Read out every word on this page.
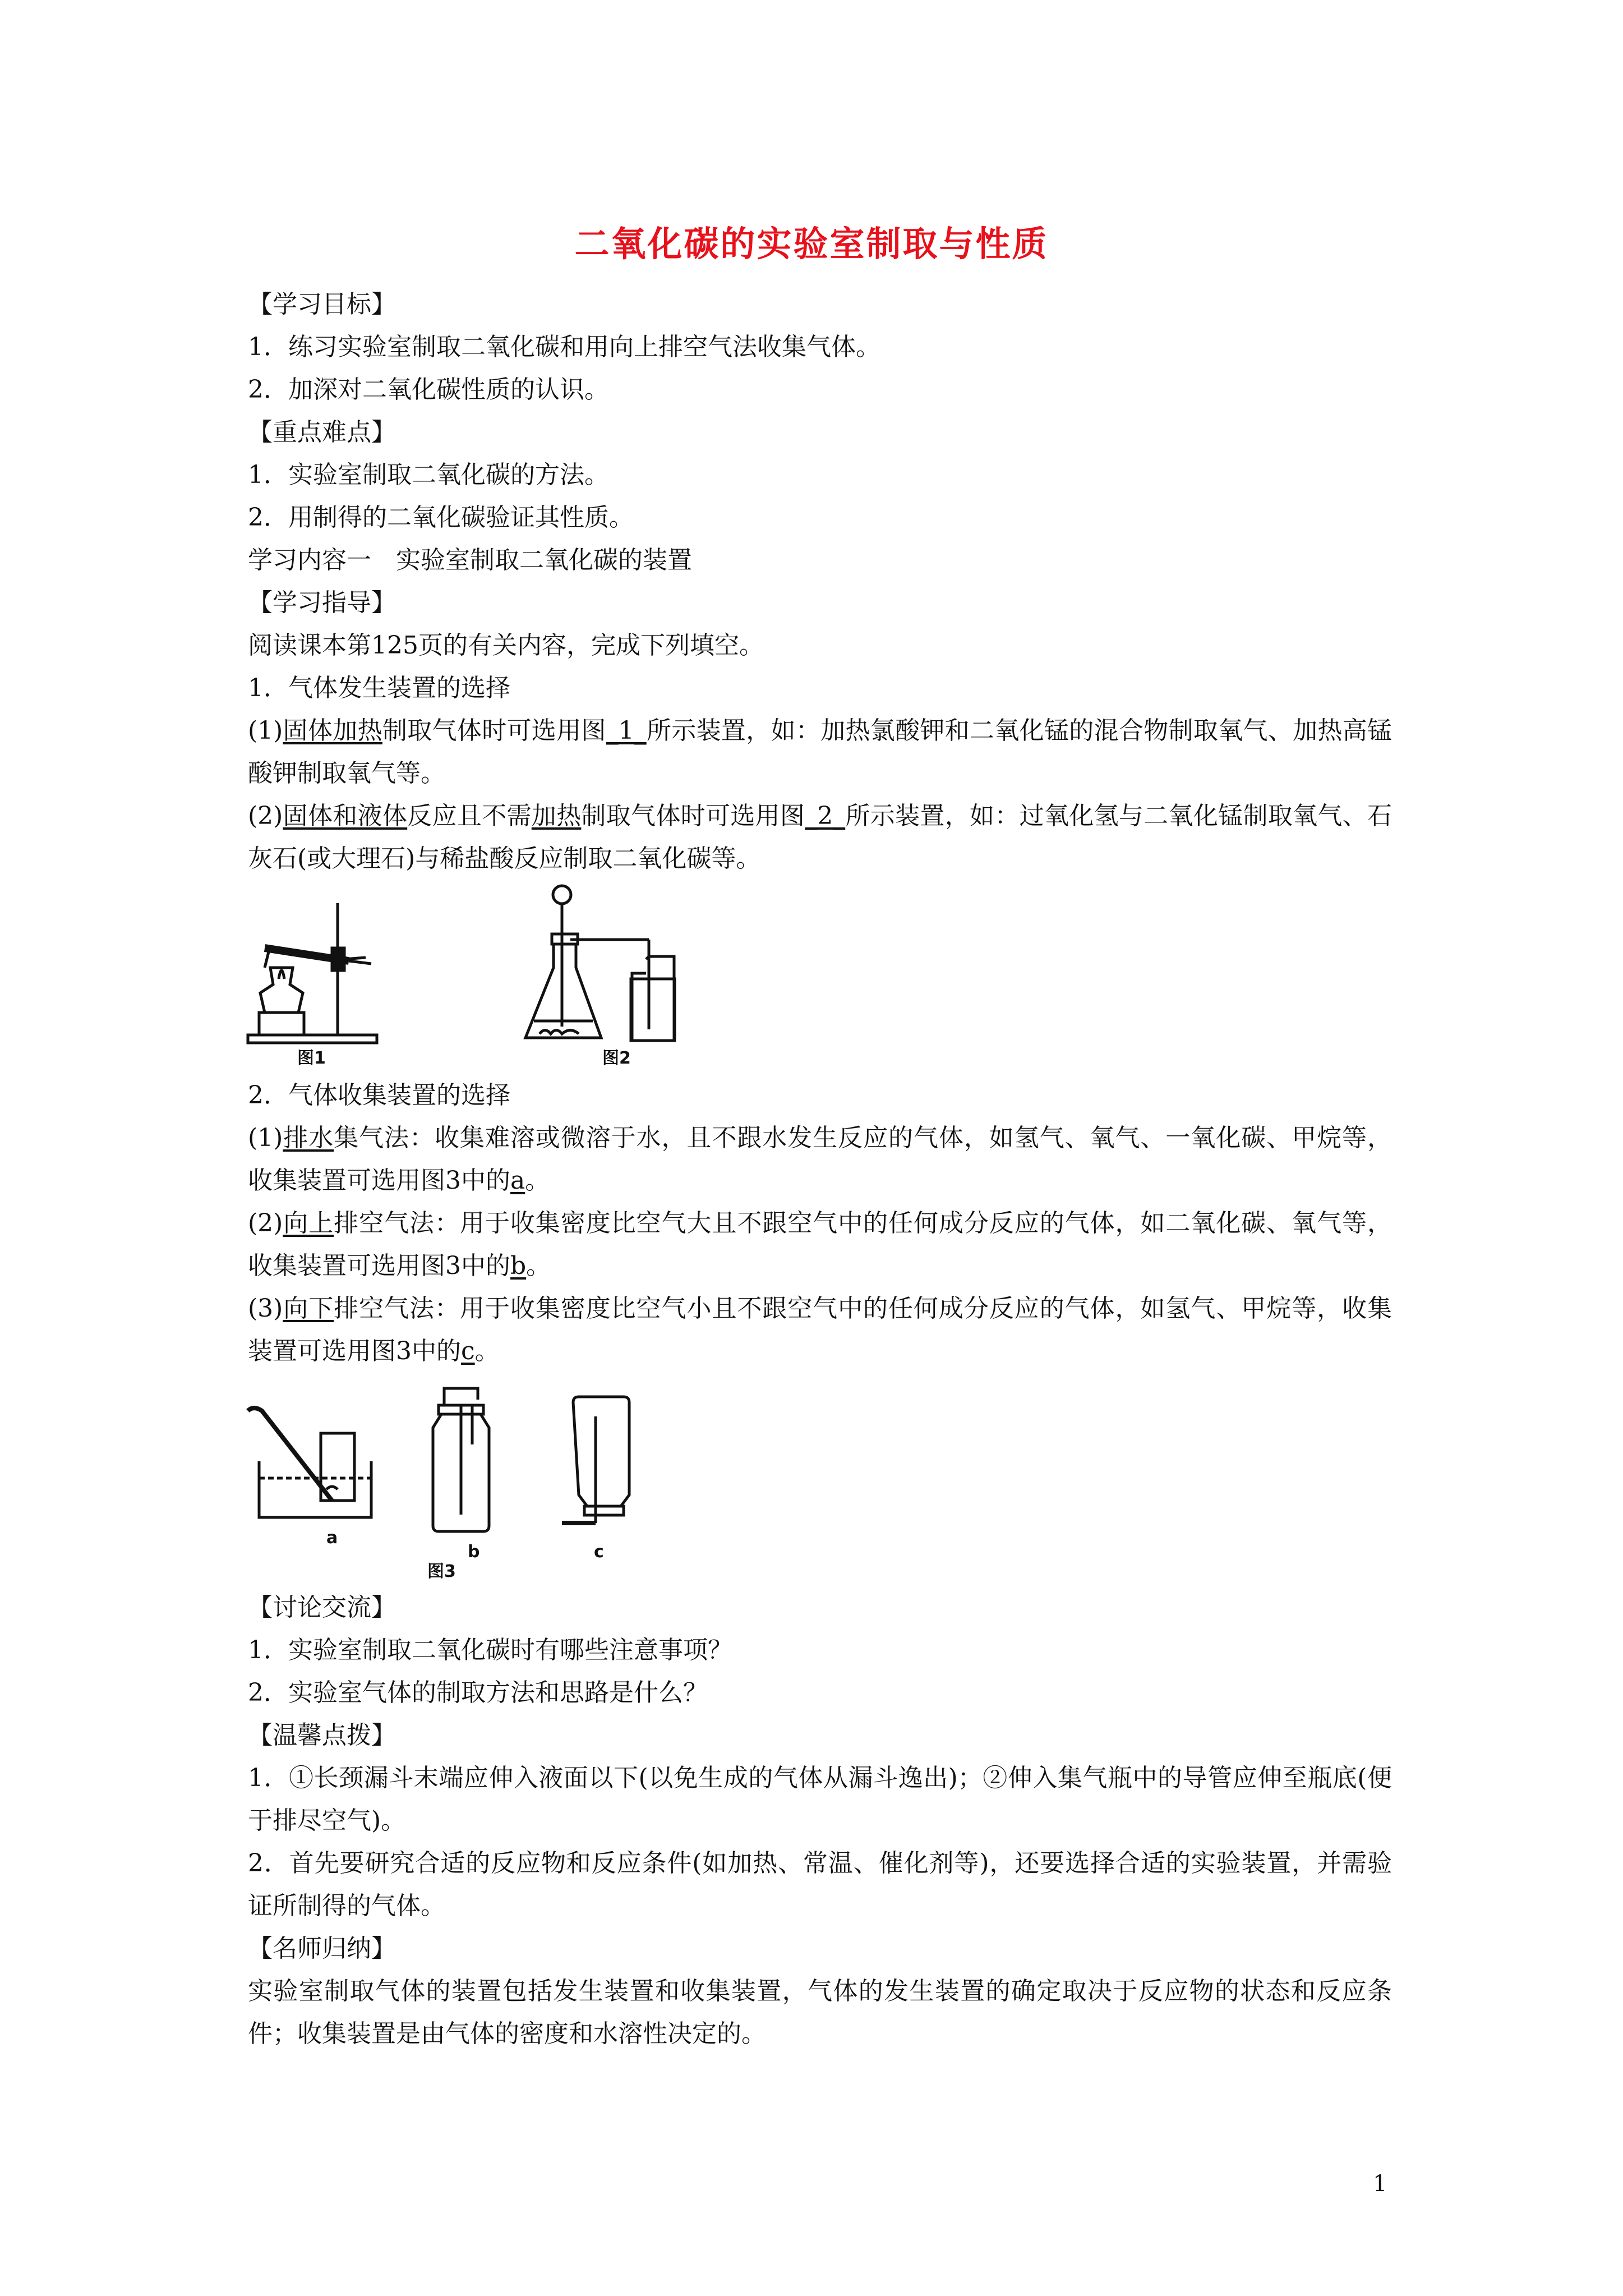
二氧化碳的实验室制取与性质
【学习目标】
1．练习实验室制取二氧化碳和用向上排空气法收集气体。
2．加深对二氧化碳性质的认识。
【重点难点】
1．实验室制取二氧化碳的方法。
2．用制得的二氧化碳验证其性质。
学习内容一　实验室制取二氧化碳的装置
【学习指导】
阅读课本第125页的有关内容，完成下列填空。
1．气体发生装置的选择
(1)固体加热制取气体时可选用图_1_所示装置，如：加热氯酸钾和二氧化锰的混合物制取氧气、加热高锰酸钾制取氧气等。
(2)固体和液体反应且不需加热制取气体时可选用图_2_所示装置，如：过氧化氢与二氧化锰制取氧气、石灰石(或大理石)与稀盐酸反应制取二氧化碳等。
图1	图2
2．气体收集装置的选择
(1)排水集气法：收集难溶或微溶于水，且不跟水发生反应的气体，如氢气、氧气、一氧化碳、甲烷等，收集装置可选用图3中的a。
(2)向上排空气法：用于收集密度比空气大且不跟空气中的任何成分反应的气体，如二氧化碳、氧气等，收集装置可选用图3中的b。
(3)向下排空气法：用于收集密度比空气小且不跟空气中的任何成分反应的气体，如氢气、甲烷等，收集装置可选用图3中的c。
a
b
图3
c
【讨论交流】
1．实验室制取二氧化碳时有哪些注意事项？
2．实验室气体的制取方法和思路是什么？
【温馨点拨】
1．①长颈漏斗末端应伸入液面以下(以免生成的气体从漏斗逸出)；②伸入集气瓶中的导管应伸至瓶底(便于排尽空气)。
2．首先要研究合适的反应物和反应条件(如加热、常温、催化剂等)，还要选择合适的实验装置，并需验证所制得的气体。
【名师归纳】
实验室制取气体的装置包括发生装置和收集装置，气体的发生装置的确定取决于反应物的状态和反应条件；收集装置是由气体的密度和水溶性决定的。
1
